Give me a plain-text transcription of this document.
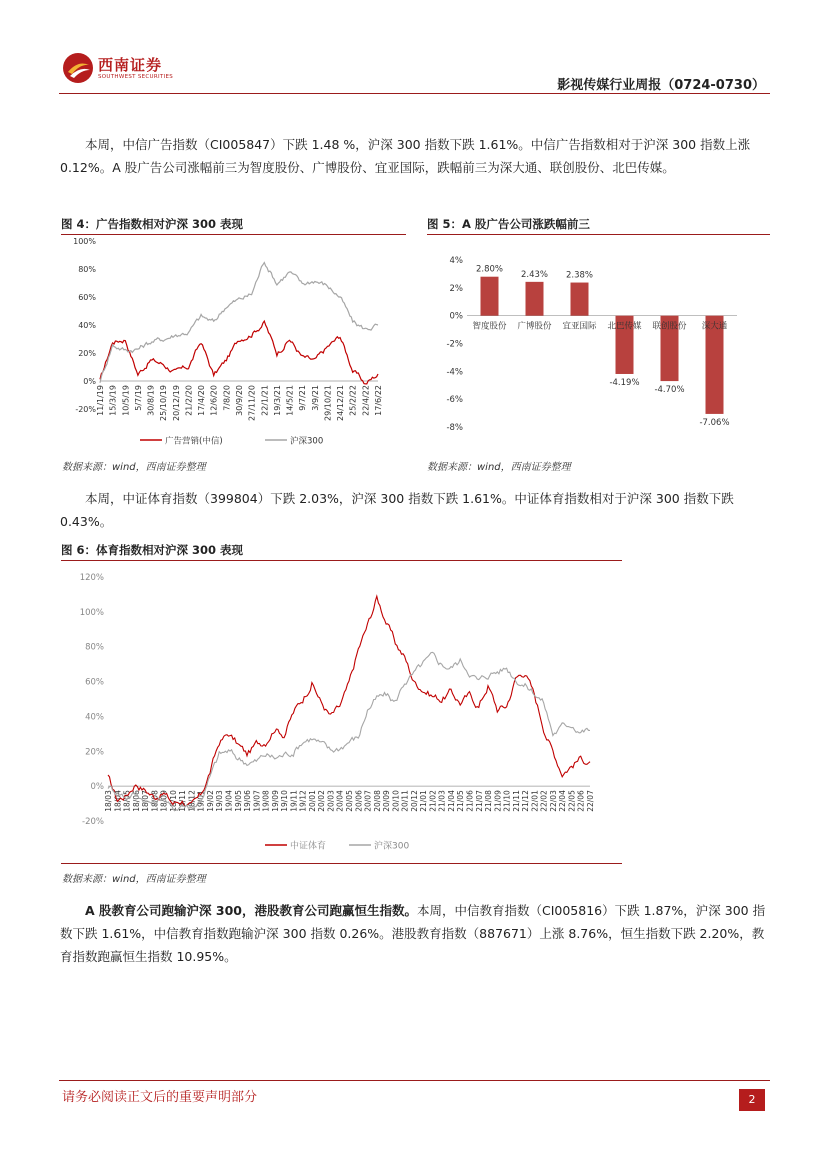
西南证券
SOUTHWEST SECURITIES
影视传媒行业周报（0724-0730）
本周，中信广告指数（CI005847）下跌 1.48 %，沪深 300 指数下跌 1.61%。中信广告指数相对于沪深 300 指数上涨 0.12%。A 股广告公司涨幅前三为智度股份、广博股份、宜亚国际，跌幅前三为深大通、联创股份、北巴传媒。
图 4：广告指数相对沪深 300 表现
100%
80%
60%
40%
20%
0%
-20% 11/1/19 15/3/19 10/5/19 5/7/19 30/8/19 25/10/19 20/12/19 21/2/20 17/4/20 12/6/20 7/8/20 30/9/20 27/11/20 22/1/21 19/3/21 14/5/21 9/7/21 3/9/21 29/10/21 24/12/21 25/2/22 22/4/22 17/6/22
广告营销(中信)	沪深300
数据来源：wind，西南证券整理
图 5：A 股广告公司涨跌幅前三
4%
2%
0%
-2%
-4%
-6%
-8%
2.80%
智度股份
2.43%
广博股份
2.38%
宜亚国际
-4.19%
北巴传媒
-4.70%
联创股份
-7.06%
深大通
数据来源：wind，西南证券整理
本周，中证体育指数（399804）下跌 2.03%，沪深 300 指数下跌 1.61%。中证体育指数相对于沪深 300 指数下跌 0.43%。
图 6：体育指数相对沪深 300 表现
120%
100%
80%
60%
40%
20%
0%
-20%
18/03 18/04 18/05 18/06 18/07 18/08 18/09 18/10 18/11 18/12 19/01 19/02 19/03 19/04 19/05 19/06 19/07 19/08 19/09 19/10 19/11 19/12 20/01 20/02 20/03 20/04 20/05 20/06 20/07 20/08 20/09 20/10 20/11 20/12 21/01 21/02 21/03 21/04 21/05 21/06 21/07 21/08 21/09 21/10 21/11 21/12 22/01 22/02 22/03 22/04 22/05 22/06 22/07
中证体育	沪深300
数据来源：wind，西南证券整理
A 股教育公司跑输沪深 300，港股教育公司跑赢恒生指数。本周，中信教育指数（CI005816）下跌 1.87%，沪深 300 指数下跌 1.61%，中信教育指数跑输沪深 300 指数 0.26%。港股教育指数（887671）上涨 8.76%，恒生指数下跌 2.20%，教育指数跑赢恒生指数 10.95%。
请务必阅读正文后的重要声明部分	2
